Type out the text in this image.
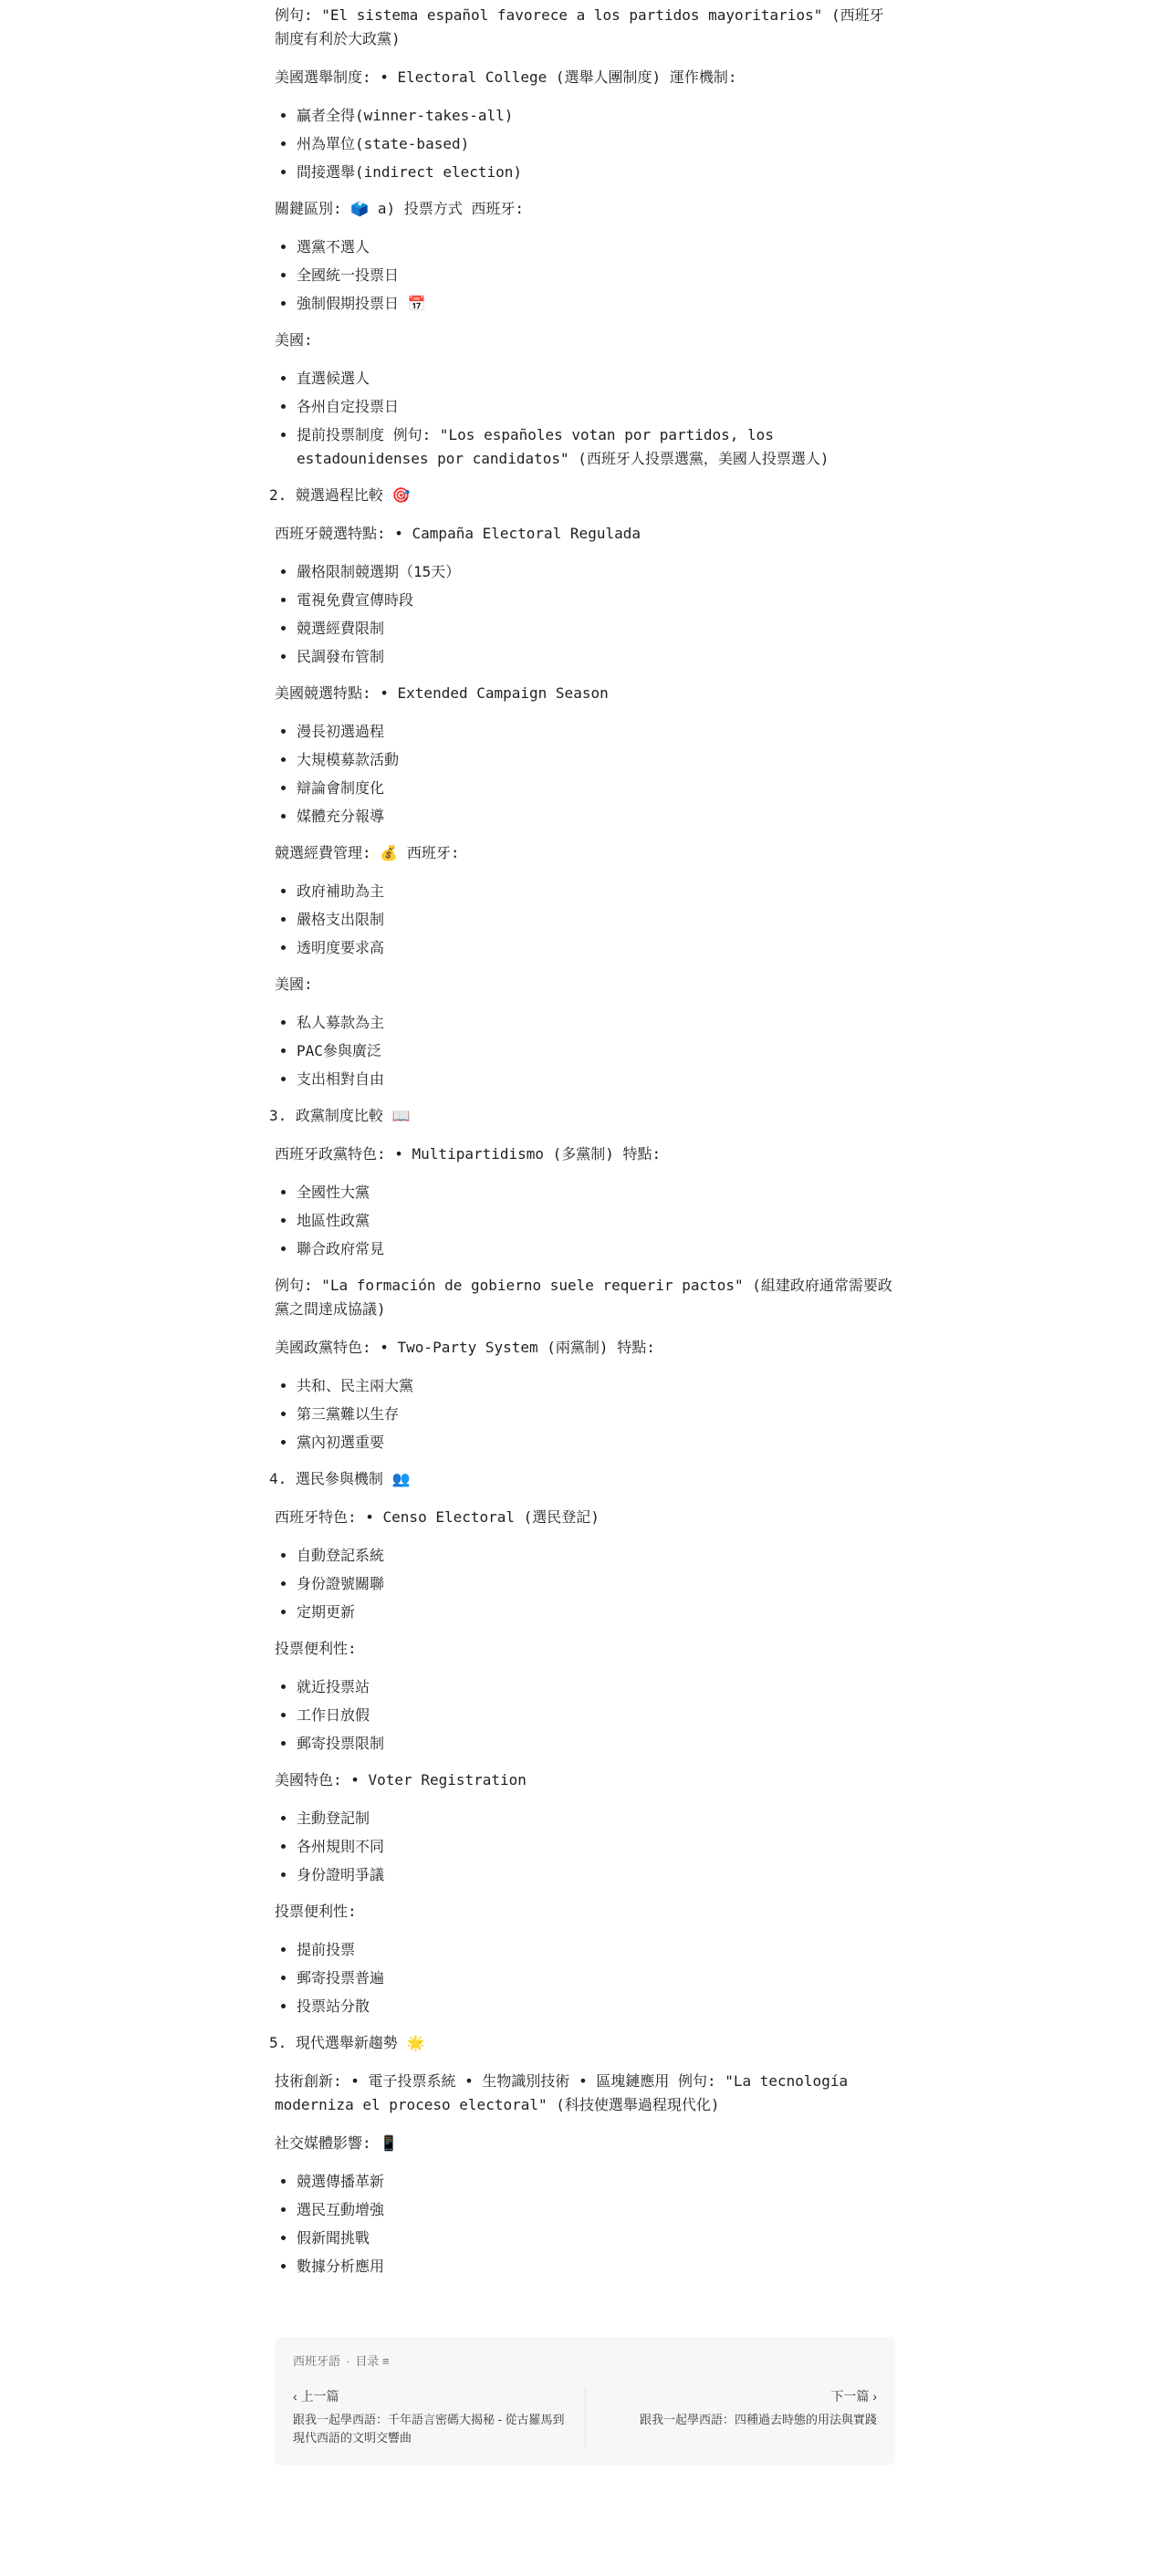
例句: "El sistema español favorece a los partidos mayoritarios" (西班牙制度有利於大政黨)

美國選舉制度: • Electoral College (選舉人團制度) 運作機制:

• 贏者全得(winner-takes-all)
• 州為單位(state-based)
• 間接選舉(indirect election)

關鍵區別: 🗳️ a) 投票方式 西班牙:

• 選黨不選人
• 全國統一投票日
• 強制假期投票日 📅

美國:

• 直選候選人
• 各州自定投票日
• 提前投票制度 例句: "Los españoles votan por partidos, los estadounidenses por candidatos" (西班牙人投票選黨，美國人投票選人)

2. 競選過程比較 🎯

西班牙競選特點: • Campaña Electoral Regulada

• 嚴格限制競選期（15天）
• 電視免費宣傳時段
• 競選經費限制
• 民調發布管制

美國競選特點: • Extended Campaign Season

• 漫長初選過程
• 大規模募款活動
• 辯論會制度化
• 媒體充分報導

競選經費管理: 💰 西班牙:

• 政府補助為主
• 嚴格支出限制
• 透明度要求高

美國:

• 私人募款為主
• PAC參與廣泛
• 支出相對自由

3. 政黨制度比較 📖

西班牙政黨特色: • Multipartidismo (多黨制) 特點:

• 全國性大黨
• 地區性政黨
• 聯合政府常見

例句: "La formación de gobierno suele requerir pactos" (組建政府通常需要政黨之間達成協議)

美國政黨特色: • Two-Party System (兩黨制) 特點:

• 共和、民主兩大黨
• 第三黨難以生存
• 黨內初選重要

4. 選民參與機制 👥

西班牙特色: • Censo Electoral (選民登記)

• 自動登記系統
• 身份證號關聯
• 定期更新

投票便利性:

• 就近投票站
• 工作日放假
• 郵寄投票限制

美國特色: • Voter Registration

• 主動登記制
• 各州規則不同
• 身份證明爭議

投票便利性:

• 提前投票
• 郵寄投票普遍
• 投票站分散

5. 現代選舉新趨勢 🌟

技術創新: • 電子投票系統 • 生物識別技術 • 區塊鏈應用 例句: "La tecnología moderniza el proceso electoral" (科技使選舉過程現代化)

社交媒體影響: 📱

• 競選傳播革新
• 選民互動增強
• 假新聞挑戰
• 數據分析應用
西班牙語 · 目录 ≡
‹ 上一篇
跟我一起學西語：千年語言密碼大揭秘 - 從古羅馬到現代西語的文明交響曲
下一篇 ›
跟我一起學西語：四種過去時態的用法與實踐
